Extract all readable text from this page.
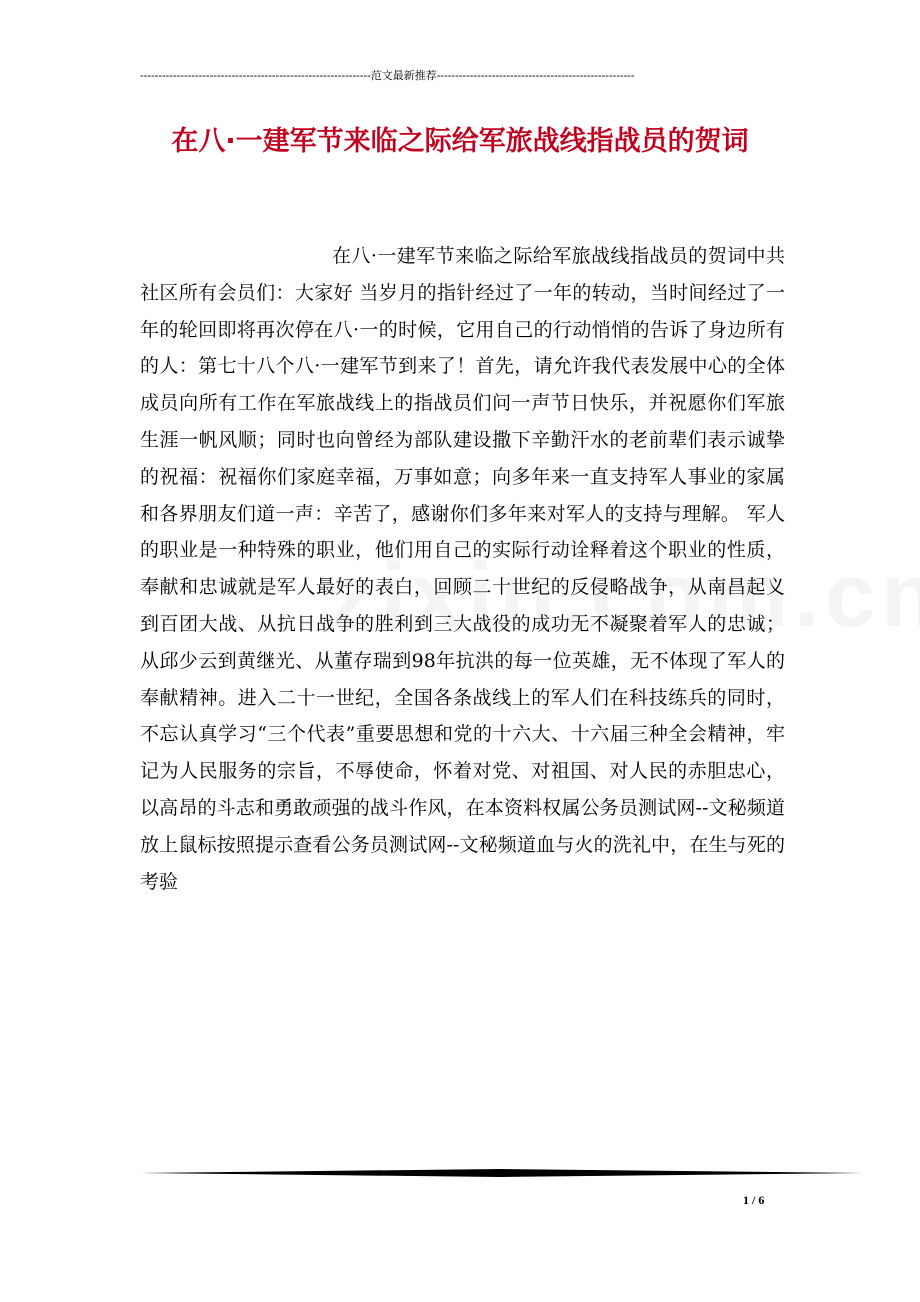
---------------------------------------------------------------范文最新推荐------------------------------------------------------
在八·一建军节来临之际给军旅战线指战员的贺词

在八·一建军节来临之际给军旅战线指战员的贺词中共社区所有会员们：大家好 当岁月的指针经过了一年的转动，当时间经过了一年的轮回即将再次停在八·一的时候，它用自己的行动悄悄的告诉了身边所有的人：第七十八个八·一建军节到来了！首先，请允许我代表发展中心的全体成员向所有工作在军旅战线上的指战员们问一声节日快乐，并祝愿你们军旅生涯一帆风顺；同时也向曾经为部队建设撒下辛勤汗水的老前辈们表示诚挚的祝福：祝福你们家庭幸福，万事如意；向多年来一直支持军人事业的家属和各界朋友们道一声：辛苦了，感谢你们多年来对军人的支持与理解。 军人的职业是一种特殊的职业，他们用自己的实际行动诠释着这个职业的性质，奉献和忠诚就是军人最好的表白，回顾二十世纪的反侵略战争，从南昌起义到百团大战、从抗日战争的胜利到三大战役的成功无不凝聚着军人的忠诚；从邱少云到黄继光、从董存瑞到98年抗洪的每一位英雄，无不体现了军人的奉献精神。进入二十一世纪，全国各条战线上的军人们在科技练兵的同时，不忘认真学习“三个代表”重要思想和党的十六大、十六届三种全会精神，牢记为人民服务的宗旨，不辱使命，怀着对党、对祖国、对人民的赤胆忠心，以高昂的斗志和勇敢顽强的战斗作风，在本资料权属公务员测试网--文秘频道放上鼠标按照提示查看公务员测试网--文秘频道血与火的洗礼中，在生与死的考验

1 / 6
